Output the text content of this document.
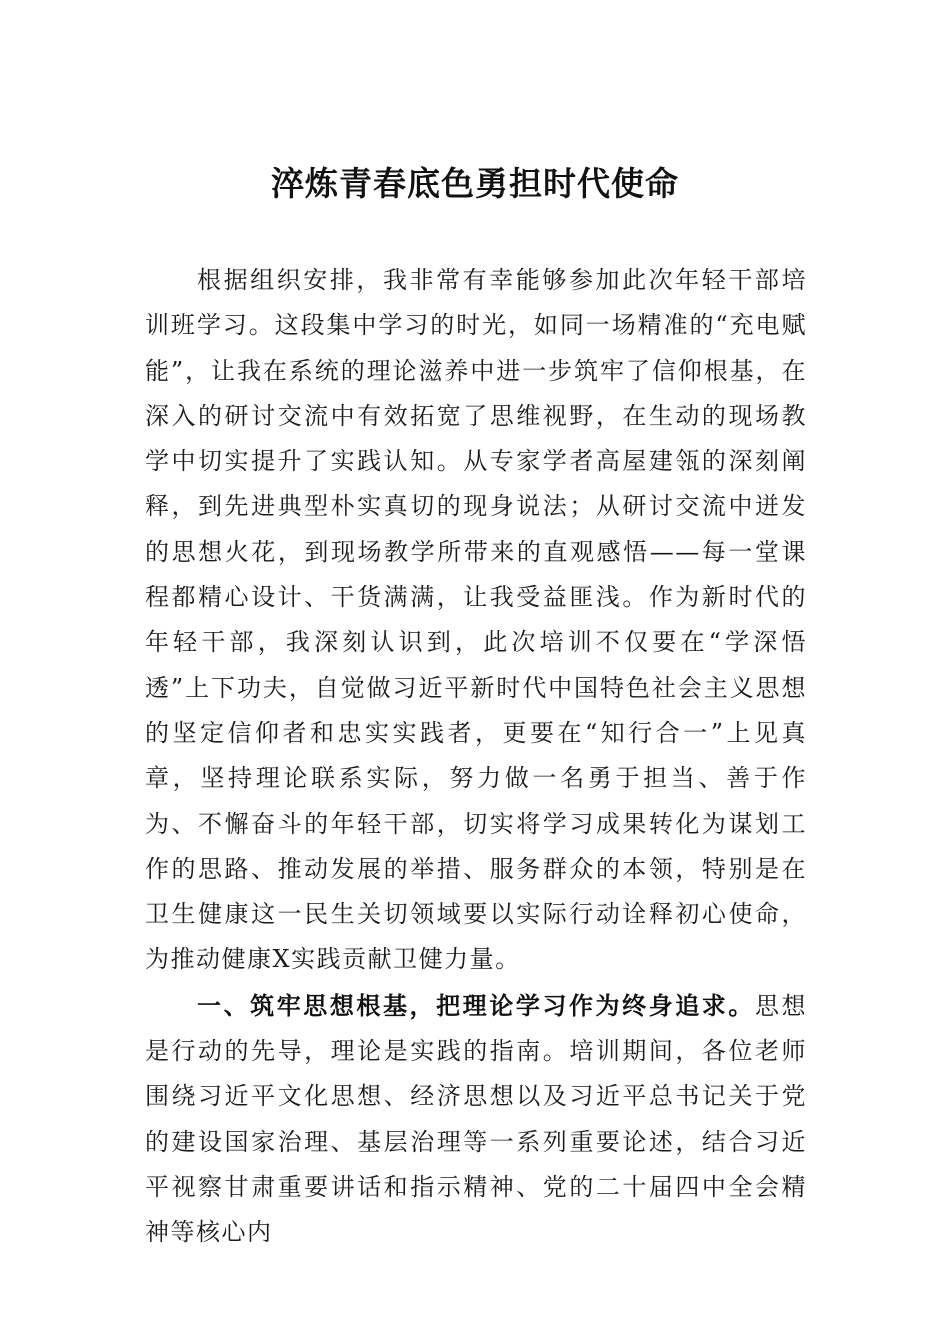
淬炼青春底色勇担时代使命

根据组织安排，我非常有幸能够参加此次年轻干部培训班学习。这段集中学习的时光，如同一场精准的“充电赋能”，让我在系统的理论滋养中进一步筑牢了信仰根基，在深入的研讨交流中有效拓宽了思维视野，在生动的现场教学中切实提升了实践认知。从专家学者高屋建瓴的深刻阐释，到先进典型朴实真切的现身说法；从研讨交流中迸发的思想火花，到现场教学所带来的直观感悟——每一堂课程都精心设计、干货满满，让我受益匪浅。作为新时代的年轻干部，我深刻认识到，此次培训不仅要在“学深悟透”上下功夫，自觉做习近平新时代中国特色社会主义思想的坚定信仰者和忠实实践者，更要在“知行合一”上见真章，坚持理论联系实际，努力做一名勇于担当、善于作为、不懈奋斗的年轻干部，切实将学习成果转化为谋划工作的思路、推动发展的举措、服务群众的本领，特别是在卫生健康这一民生关切领域要以实际行动诠释初心使命，为推动健康X实践贡献卫健力量。

一、筑牢思想根基，把理论学习作为终身追求。思想是行动的先导，理论是实践的指南。培训期间，各位老师围绕习近平文化思想、经济思想以及习近平总书记关于党的建设国家治理、基层治理等一系列重要论述，结合习近平视察甘肃重要讲话和指示精神、党的二十届四中全会精神等核心内
